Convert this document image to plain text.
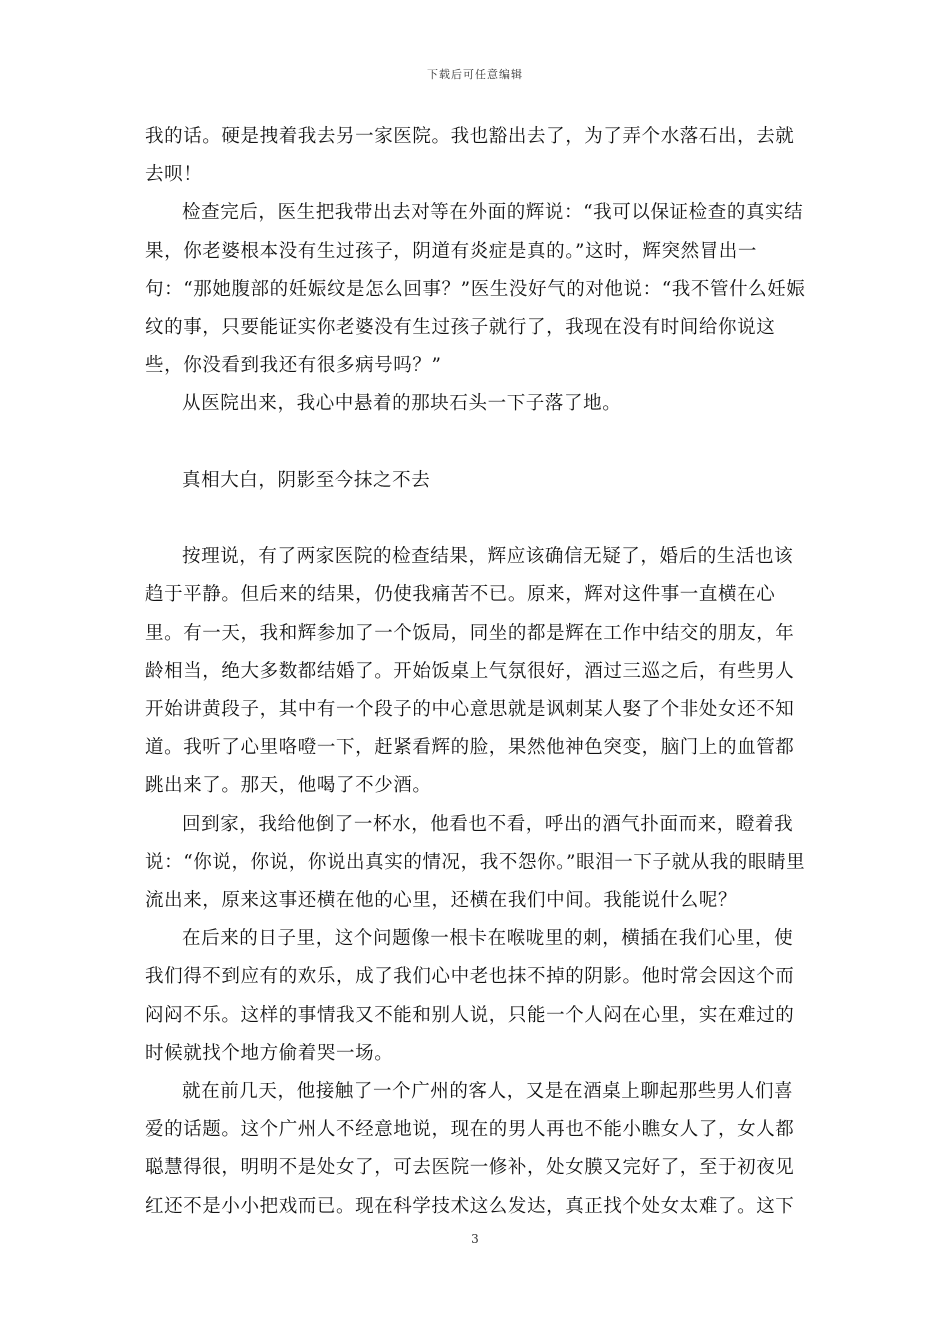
下载后可任意编辑

我的话。硬是拽着我去另一家医院。我也豁出去了，为了弄个水落石出，去就去呗！

检查完后，医生把我带出去对等在外面的辉说：“我可以保证检查的真实结果，你老婆根本没有生过孩子，阴道有炎症是真的。”这时，辉突然冒出一句：“那她腹部的妊娠纹是怎么回事？”医生没好气的对他说：“我不管什么妊娠纹的事，只要能证实你老婆没有生过孩子就行了，我现在没有时间给你说这些，你没看到我还有很多病号吗？”

从医院出来，我心中悬着的那块石头一下子落了地。

真相大白，阴影至今抹之不去

按理说，有了两家医院的检查结果，辉应该确信无疑了，婚后的生活也该趋于平静。但后来的结果，仍使我痛苦不已。原来，辉对这件事一直横在心里。有一天，我和辉参加了一个饭局，同坐的都是辉在工作中结交的朋友，年龄相当，绝大多数都结婚了。开始饭桌上气氛很好，酒过三巡之后，有些男人开始讲黄段子，其中有一个段子的中心意思就是讽刺某人娶了个非处女还不知道。我听了心里咯噔一下，赶紧看辉的脸，果然他神色突变，脑门上的血管都跳出来了。那天，他喝了不少酒。

回到家，我给他倒了一杯水，他看也不看，呼出的酒气扑面而来，瞪着我说：“你说，你说，你说出真实的情况，我不怨你。”眼泪一下子就从我的眼睛里流出来，原来这事还横在他的心里，还横在我们中间。我能说什么呢？

在后来的日子里，这个问题像一根卡在喉咙里的刺，横插在我们心里，使我们得不到应有的欢乐，成了我们心中老也抹不掉的阴影。他时常会因这个而闷闷不乐。这样的事情我又不能和别人说，只能一个人闷在心里，实在难过的时候就找个地方偷着哭一场。

就在前几天，他接触了一个广州的客人，又是在酒桌上聊起那些男人们喜爱的话题。这个广州人不经意地说，现在的男人再也不能小瞧女人了，女人都聪慧得很，明明不是处女了，可去医院一修补，处女膜又完好了，至于初夜见红还不是小小把戏而已。现在科学技术这么发达，真正找个处女太难了。这下

3
